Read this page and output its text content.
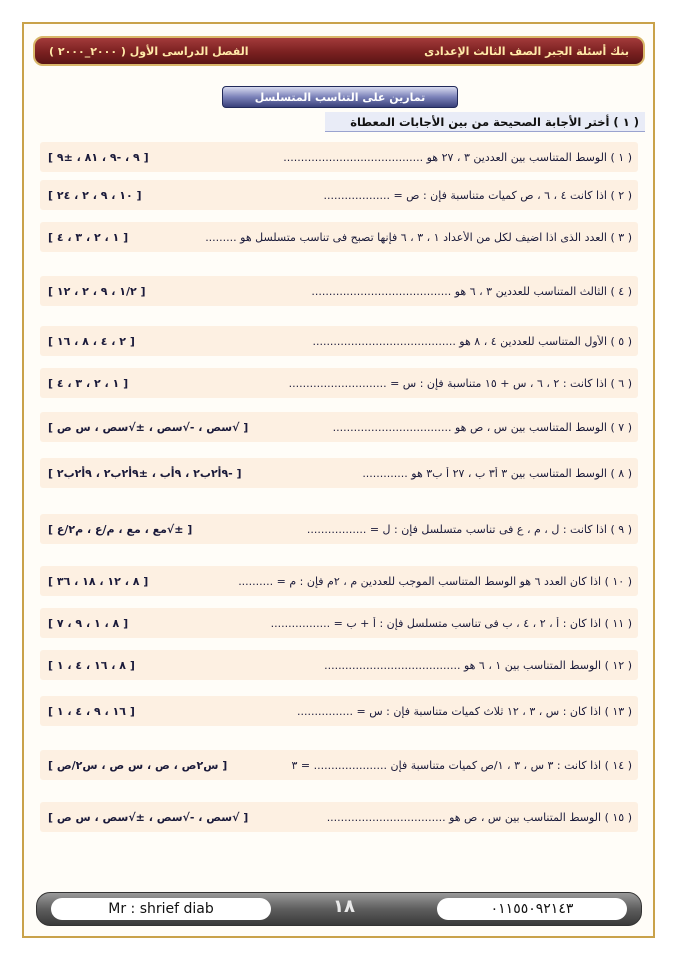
بنك أسئلة الجبر الصف الثالث الإعدادى
الفصل الدراسى الأول ( ٢٠٠٠_٢٠٠٠ )
تمارين على التناسب المتسلسل
( ١ ) أختر الأجابة الصحيحة من بين الأجابات المعطاة
( ١ ) الوسط المتناسب بين العددين ٣ ، ٢٧ هو ........................................
[ ٩ ، -٩ ، ٨١ ، ±٩ ]
( ٢ ) اذا كانت ٤ ، ٦ ، ص كميات متناسبة فإن : ص = ...................
[ ١٠ ، ٩ ، ٢ ، ٢٤ ]
( ٣ ) العدد الذى اذا اضيف لكل من الأعداد ١ ، ٣ ، ٦ فإنها تصبح فى تناسب متسلسل هو .........
[ ١ ، ٢ ، ٣ ، ٤ ]
( ٤ ) الثالث المتناسب للعددين ٣ ، ٦ هو ........................................
[ ١/٢ ، ٩ ، ٢ ، ١٢ ]
( ٥ ) الأول المتناسب للعددين ٤ ، ٨ هو .........................................
[ ٢ ، ٤ ، ٨ ، ١٦ ]
( ٦ ) اذا كانت : ٢ ، ٦ ، س + ١٥ متناسبة فإن : س = ............................
[ ١ ، ٢ ، ٣ ، ٤ ]
( ٧ ) الوسط المتناسب بين س ، ص هو ..................................
[ √سص ، -√سص ، ±√سص ، س ص ]
( ٨ ) الوسط المتناسب بين ٣ أ٣ ب ، ٢٧ أ ب٣ هو .............
[ -٩أ٢ب٢ ، ٩أب ، ±٩أ٢ب٢ ، ٩أ٢ب٢ ]
( ٩ ) اذا كانت : ل ، م ، ع فى تناسب متسلسل فإن : ل = .................
[ ±√مع ، مع ، م/ع ، م٢/ع ]
( ١٠ ) اذا كان العدد ٦ هو الوسط المتناسب الموجب للعددين م ، ٢م فإن : م = ..........
[ ٨ ، ١٢ ، ١٨ ، ٣٦ ]
( ١١ ) اذا كان : أ ، ٢ ، ٤ ، ب فى تناسب متسلسل فإن : أ + ب = .................
[ ٨ ، ١ ، ٩ ، ٧ ]
( ١٢ ) الوسط المتناسب بين ١ ، ٦ هو .......................................
[ ٨ ، ١٦ ، ٤ ، ١ ]
( ١٣ ) اذا كان : س ، ٣ ، ١٢ ثلاث كميات متناسبة فإن : س = ................
[ ١٦ ، ٩ ، ٤ ، ١ ]
( ١٤ ) اذا كانت : ٣ س ، ٣ ، ١/ص كميات متناسبة فإن ..................... = ٣
[ س٢ص ، ص ، س ص ، س٢/ص ]
( ١٥ ) الوسط المتناسب بين س ، ص هو ..................................
[ √سص ، -√سص ، ±√سص ، س ص ]
Mr : shrief diab	١٨	٠١١٥٥٠٩٢١٤٣
